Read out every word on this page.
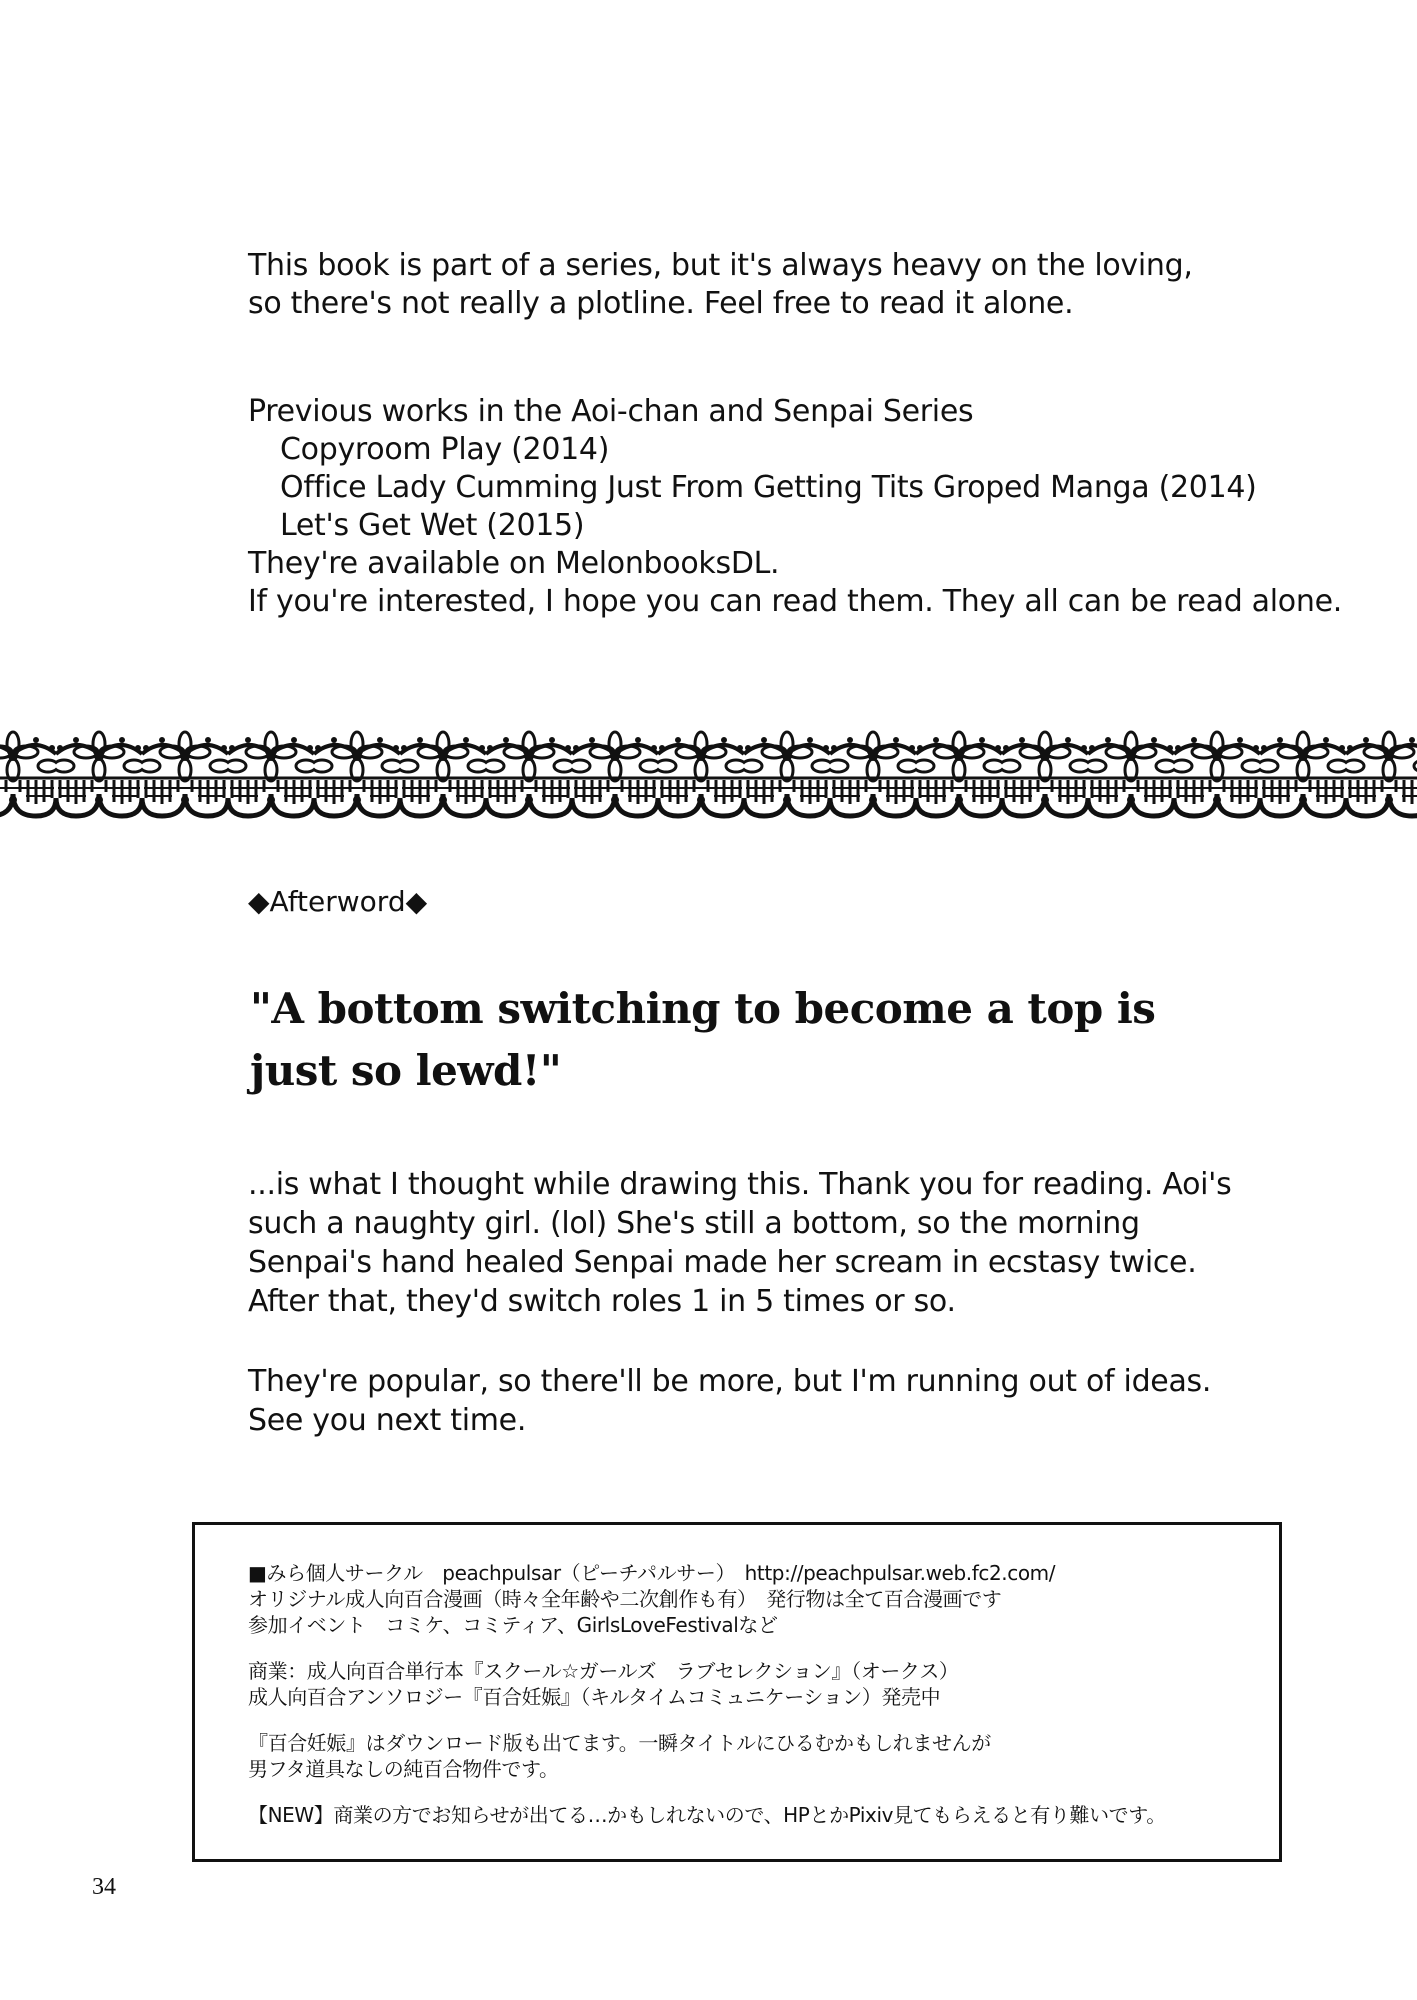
This book is part of a series, but it's always heavy on the loving,

so there's not really a plotline. Feel free to read it alone.

Previous works in the Aoi-chan and Senpai Series

Copyroom Play (2014)

Office Lady Cumming Just From Getting Tits Groped Manga (2014)

Let's Get Wet (2015)

They're available on MelonbooksDL.

If you're interested, I hope you can read them. They all can be read alone.

◆Afterword◆

"A bottom switching to become a top is

just so lewd!"

...is what I thought while drawing this. Thank you for reading. Aoi's

such a naughty girl. (lol) She's still a bottom, so the morning

Senpai's hand healed Senpai made her scream in ecstasy twice.

After that, they'd switch roles 1 in 5 times or so.

They're popular, so there'll be more, but I'm running out of ideas.

See you next time.

■みら個人サークル　peachpulsar（ピーチパルサー）　http://peachpulsar.web.fc2.com/

オリジナル成人向百合漫画（時々全年齢や二次創作も有）　発行物は全て百合漫画です

参加イベント　コミケ、コミティア、GirlsLoveFestivalなど

商業：成人向百合単行本『スクール☆ガールズ　ラブセレクション』（オークス）

成人向百合アンソロジー『百合妊娠』（キルタイムコミュニケーション）発売中

『百合妊娠』はダウンロード版も出てます。一瞬タイトルにひるむかもしれませんが

男フタ道具なしの純百合物件です。

【NEW】商業の方でお知らせが出てる…かもしれないので、HPとかPixiv見てもらえると有り難いです。

34
